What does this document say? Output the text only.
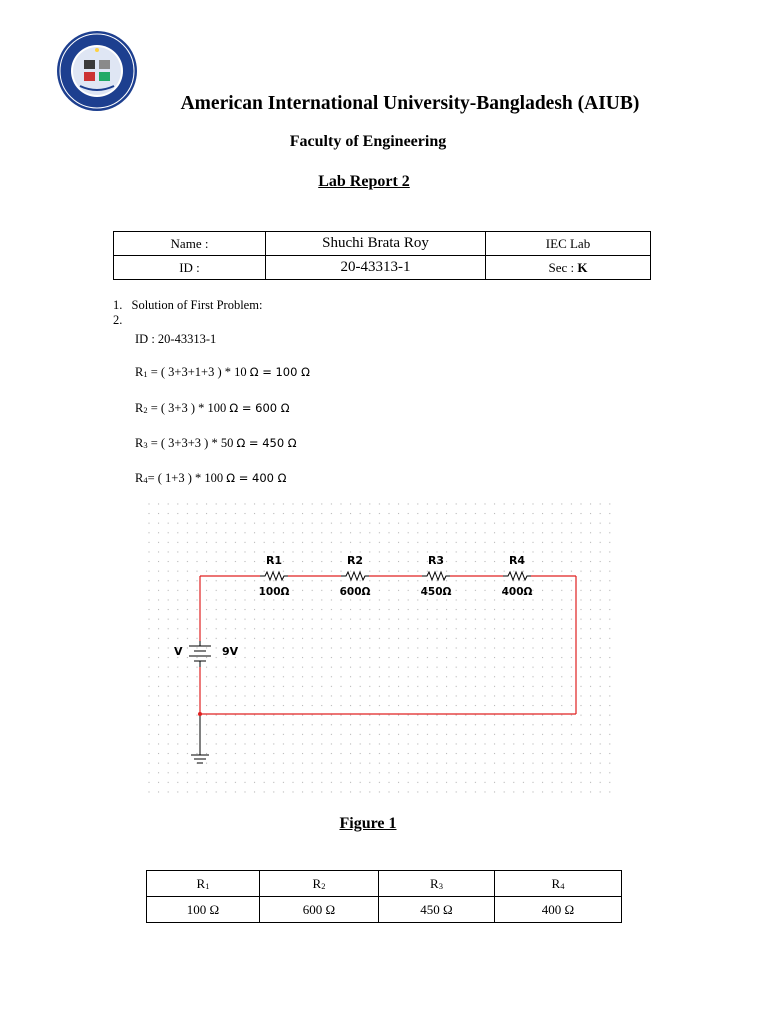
American International University-Bangladesh (AIUB)
Faculty of Engineering
Lab Report 2
Name :	Shuchi Brata Roy	IEC Lab
ID :	20-43313-1	Sec : K
1. Solution of First Problem:
2.
ID : 20-43313-1
$R_1$ = ( 3+3+1+3 ) * 10 Ω = 100 Ω
$R_2$ = ( 3+3 ) * 100 Ω = 600 Ω
$R_3$ = ( 3+3+3 ) * 50 Ω = 450 Ω
$R_4=$ ( 1+3 ) * 100 Ω = 400 Ω
R1
100Ω
R2
600Ω
R3
450Ω
R4
400Ω
V	9V
Figure 1
$R_1$	$R_2$	$R_3$	$R_4$
100 Ω	600 Ω	450 Ω	400 Ω
